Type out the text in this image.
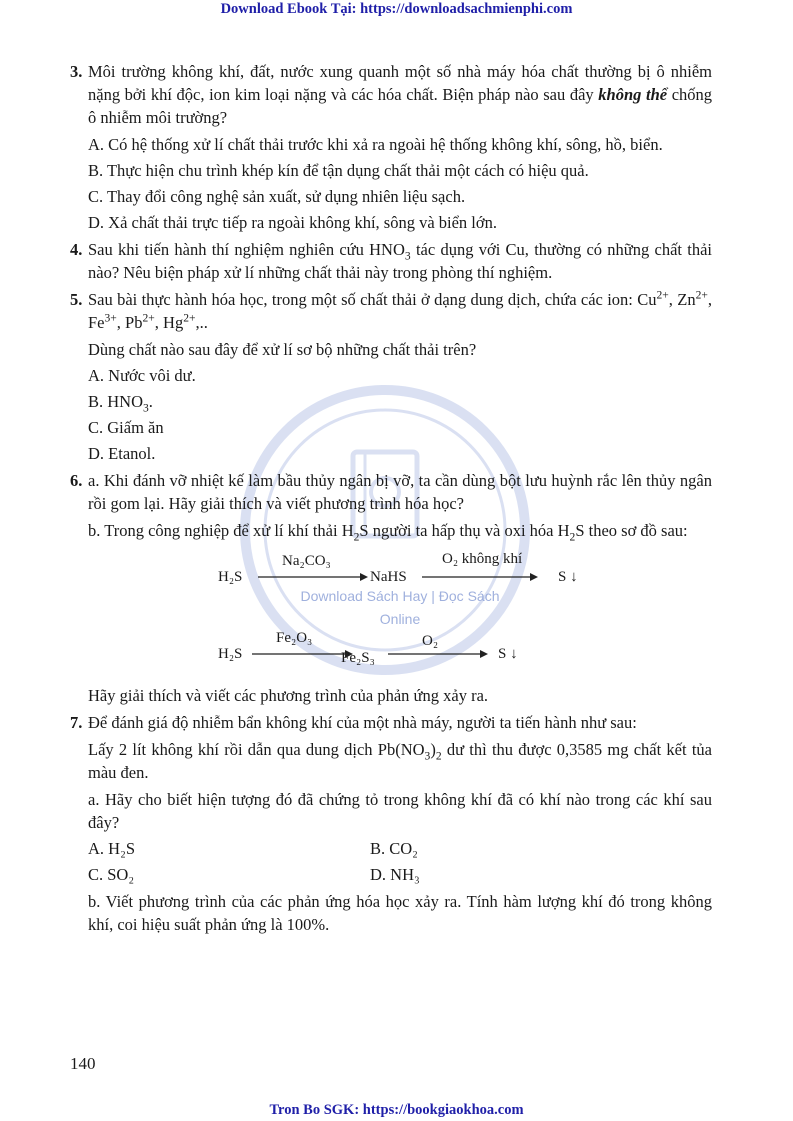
Download Ebook Tại: https://downloadsachmienphi.com
Download Sách Hay | Đọc Sách Online
3. Môi trường không khí, đất, nước xung quanh một số nhà máy hóa chất thường bị ô nhiễm nặng bởi khí độc, ion kim loại nặng và các hóa chất. Biện pháp nào sau đây không thể chống ô nhiễm môi trường?
A. Có hệ thống xử lí chất thải trước khi xả ra ngoài hệ thống không khí, sông, hồ, biển.
B. Thực hiện chu trình khép kín để tận dụng chất thải một cách có hiệu quả.
C. Thay đổi công nghệ sản xuất, sử dụng nhiên liệu sạch.
D. Xả chất thải trực tiếp ra ngoài không khí, sông và biển lớn.
4. Sau khi tiến hành thí nghiệm nghiên cứu $HNO_3$ tác dụng với Cu, thường có những chất thải nào? Nêu biện pháp xử lí những chất thải này trong phòng thí nghiệm.
5. Sau bài thực hành hóa học, trong một số chất thải ở dạng dung dịch, chứa các ion: $Cu^{2+}$, $Zn^{2+}$, $Fe^{3+}$, $Pb^{2+}$, $Hg^{2+}$,..
Dùng chất nào sau đây để xử lí sơ bộ những chất thải trên?
A. Nước vôi dư.
B. $HNO_3$.
C. Giấm ăn
D. Etanol.
6. a. Khi đánh vỡ nhiệt kế làm bầu thủy ngân bị vỡ, ta cần dùng bột lưu huỳnh rắc lên thủy ngân rồi gom lại. Hãy giải thích và viết phương trình hóa học?
b. Trong công nghiệp để xử lí khí thải $H_2S$ người ta hấp thụ và oxi hóa $H_2S$ theo sơ đồ sau:
H₂S
Na₂CO₃
NaHS
O₂ không khí
S ↓
H₂S
Fe₂O₃
Fe₂S₃
O₂
S ↓
Hãy giải thích và viết các phương trình của phản ứng xảy ra.
7. Để đánh giá độ nhiễm bẩn không khí của một nhà máy, người ta tiến hành như sau:
Lấy 2 lít không khí rồi dẫn qua dung dịch $Pb(NO_3)_2$ dư thì thu được 0,3585 mg chất kết tủa màu đen.
a. Hãy cho biết hiện tượng đó đã chứng tỏ trong không khí đã có khí nào trong các khí sau đây?
A. H₂S	B. CO₂
C. SO₂	D. NH₃
b. Viết phương trình của các phản ứng hóa học xảy ra. Tính hàm lượng khí đó trong không khí, coi hiệu suất phản ứng là 100%.
140
Tron Bo SGK: https://bookgiaokhoa.com
